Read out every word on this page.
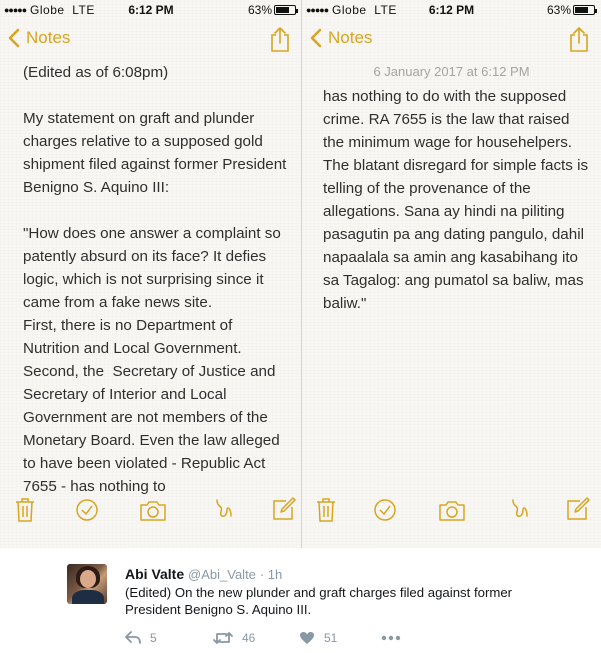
●●●●● Globe LTE	6:12 PM	63%
Notes
(Edited as of 6:08pm)

My statement on graft and plunder charges relative to a supposed gold shipment filed against former President Benigno S. Aquino III:

"How does one answer a complaint so patently absurd on its face? It defies logic, which is not surprising since it came from a fake news site.
First, there is no Department of Nutrition and Local Government. Second, the  Secretary of Justice and Secretary of Interior and Local Government are not members of the Monetary Board. Even the law alleged to have been violated - Republic Act 7655 - has nothing to
●●●●● Globe LTE	6:12 PM	63%
Notes
6 January 2017 at 6:12 PM
has nothing to do with the supposed crime. RA 7655 is the law that raised the minimum wage for househelpers. The blatant disregard for simple facts is telling of the provenance of the allegations. Sana ay hindi na piliting pasagutin pa ang dating pangulo, dahil napaalala sa amin ang kasabihang ito sa Tagalog: ang pumatol sa baliw, mas baliw."
Abi Valte @Abi_Valte · 1h
(Edited) On the new plunder and graft charges filed against former President Benigno S. Aquino III.
5	46	51
